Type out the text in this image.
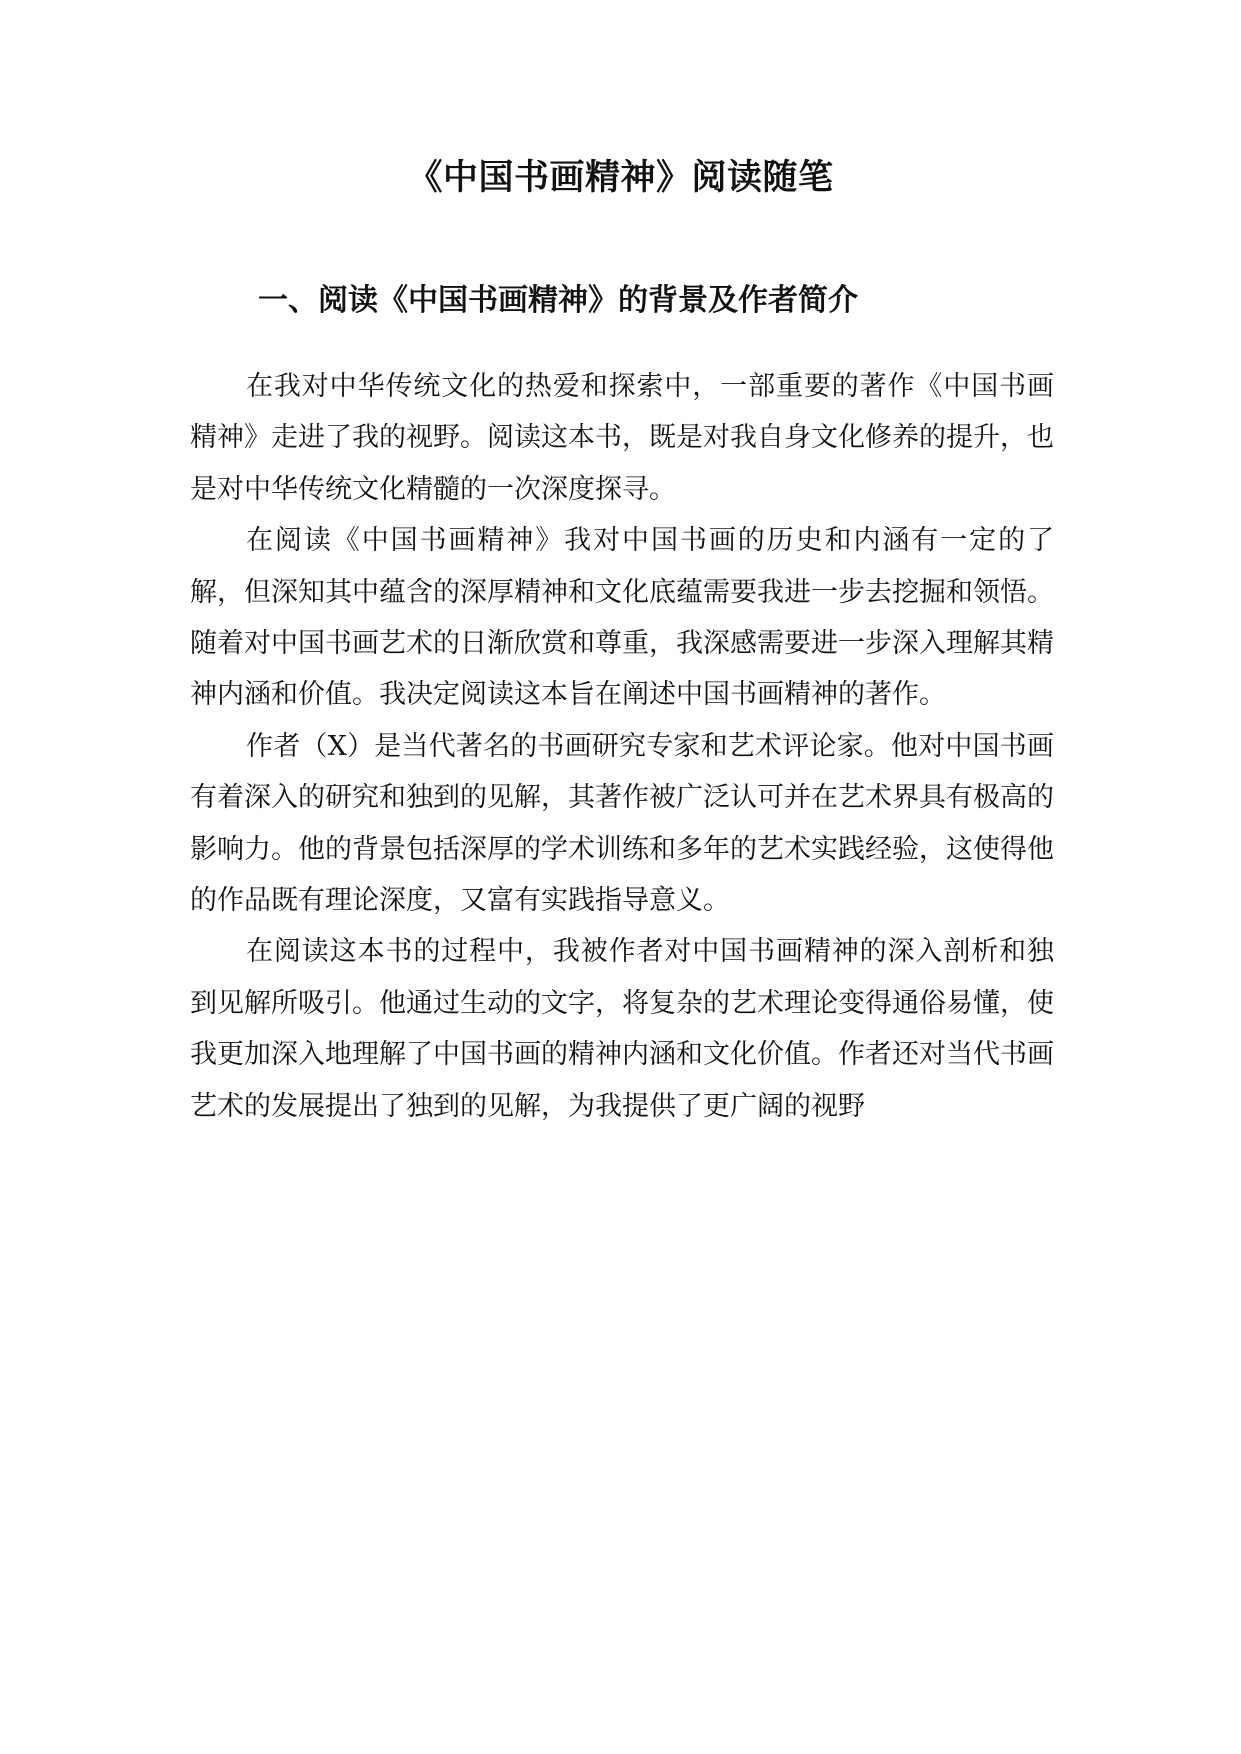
《中国书画精神》阅读随笔
一、阅读《中国书画精神》的背景及作者简介

在我对中华传统文化的热爱和探索中，一部重要的著作《中国书画精神》走进了我的视野。阅读这本书，既是对我自身文化修养的提升，也是对中华传统文化精髓的一次深度探寻。

在阅读《中国书画精神》我对中国书画的历史和内涵有一定的了解，但深知其中蕴含的深厚精神和文化底蕴需要我进一步去挖掘和领悟。随着对中国书画艺术的日渐欣赏和尊重，我深感需要进一步深入理解其精神内涵和价值。我决定阅读这本旨在阐述中国书画精神的著作。

作者（X）是当代著名的书画研究专家和艺术评论家。他对中国书画有着深入的研究和独到的见解，其著作被广泛认可并在艺术界具有极高的影响力。他的背景包括深厚的学术训练和多年的艺术实践经验，这使得他的作品既有理论深度，又富有实践指导意义。

在阅读这本书的过程中，我被作者对中国书画精神的深入剖析和独到见解所吸引。他通过生动的文字，将复杂的艺术理论变得通俗易懂，使我更加深入地理解了中国书画的精神内涵和文化价值。作者还对当代书画艺术的发展提出了独到的见解，为我提供了更广阔的视野
